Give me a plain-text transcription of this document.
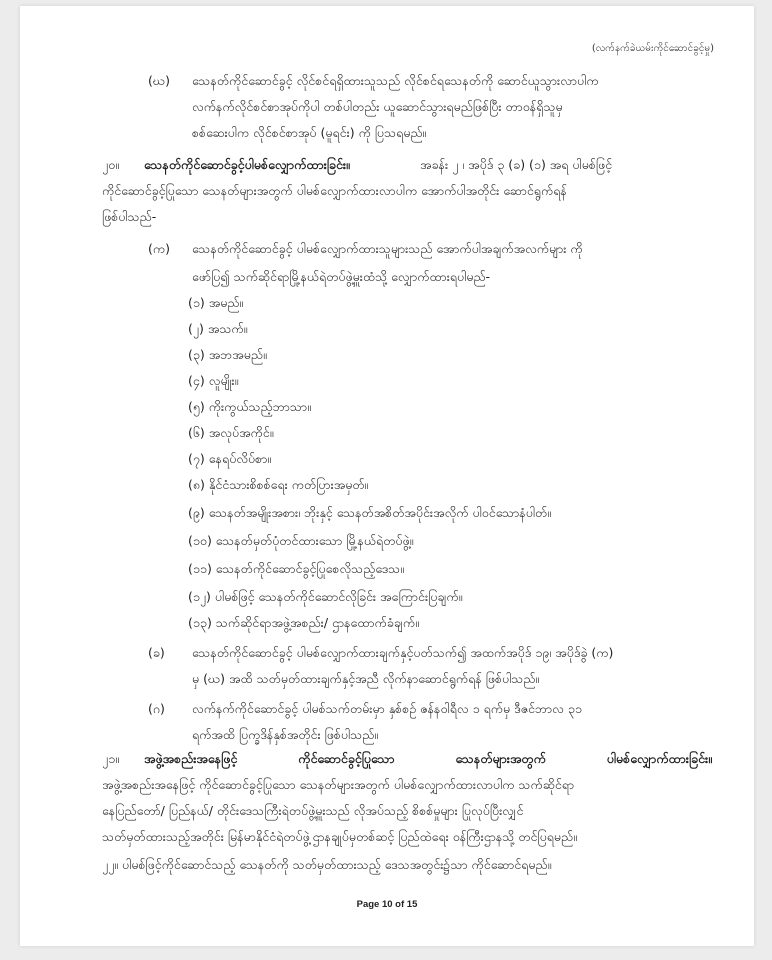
(လက်နက်ခဲယမ်းကိုင်ဆောင်ခွင့်မှု)
(ဃ) သေနတ်ကိုင်ဆောင်ခွင့် လိုင်စင်ရရှိထားသူသည် လိုင်စင်ရသေနတ်ကို ဆောင်ယူသွားလာပါက
လက်နက်လိုင်စင်စာအုပ်ကိုပါ တစ်ပါတည်း ယူဆောင်သွားရမည်ဖြစ်ပြီး တာဝန်ရှိသူမှ
စစ်ဆေးပါက လိုင်စင်စာအုပ် (မူရင်း) ကို ပြသရမည်။
၂၀။ သေနတ်ကိုင်ဆောင်ခွင့်ပါမစ်လျှောက်ထားခြင်း။	အခန်း ၂ ၊ အပိုဒ် ၃ (ခ) (၁) အရ ပါမစ်ဖြင့်
ကိုင်ဆောင်ခွင့်ပြုသော သေနတ်များအတွက် ပါမစ်လျှောက်ထားလာပါက အောက်ပါအတိုင်း ဆောင်ရွက်ရန်
ဖြစ်ပါသည်-
(က) သေနတ်ကိုင်ဆောင်ခွင့် ပါမစ်လျှောက်ထားသူများသည် အောက်ပါအချက်အလက်များ ကို
ဖော်ပြ၍ သက်ဆိုင်ရာမြို့နယ်ရဲတပ်ဖွဲ့မှူးထံသို့ လျှောက်ထားရပါမည်-
(၁) အမည်။
(၂) အသက်။
(၃) အဘအမည်။
(၄) လူမျိုး။
(၅) ကိုးကွယ်သည့်ဘာသာ။
(၆) အလုပ်အကိုင်။
(၇) နေရပ်လိပ်စာ။
(၈) နိုင်ငံသားစိစစ်ရေး ကတ်ပြားအမှတ်။
(၉) သေနတ်အမျိုးအစား၊ ဘိုးနှင့် သေနတ်အစိတ်အပိုင်းအလိုက် ပါဝင်သောနံပါတ်။
(၁၀) သေနတ်မှတ်ပုံတင်ထားသော မြို့နယ်ရဲတပ်ဖွဲ့။
(၁၁) သေနတ်ကိုင်ဆောင်ခွင့်ပြုစေလိုသည့်ဒေသ။
(၁၂) ပါမစ်ဖြင့် သေနတ်ကိုင်ဆောင်လိုခြင်း အကြောင်းပြချက်။
(၁၃) သက်ဆိုင်ရာအဖွဲ့အစည်း/ ဌာနထောက်ခံချက်။
(ခ) သေနတ်ကိုင်ဆောင်ခွင့် ပါမစ်လျှောက်ထားချက်နှင့်ပတ်သက်၍ အထက်အပိုဒ် ၁၉၊ အပိုဒ်ခွဲ (က)
မှ (ဃ) အထိ သတ်မှတ်ထားချက်နှင့်အညီ လိုက်နာဆောင်ရွက်ရန် ဖြစ်ပါသည်။
(ဂ) လက်နက်ကိုင်ဆောင်ခွင့် ပါမစ်သက်တမ်းမှာ နှစ်စဉ် ဇန်နဝါရီလ ၁ ရက်မှ ဒီဇင်ဘာလ ၃၁
ရက်အထိ ပြက္ခဒိန်နှစ်အတိုင်း ဖြစ်ပါသည်။
၂၁။ အဖွဲ့အစည်းအနေဖြင့်	ကိုင်ဆောင်ခွင့်ပြုသော	သေနတ်များအတွက်	ပါမစ်လျှောက်ထားခြင်း။
အဖွဲ့အစည်းအနေဖြင့် ကိုင်ဆောင်ခွင့်ပြုသော သေနတ်များအတွက် ပါမစ်လျှောက်ထားလာပါက သက်ဆိုင်ရာ
နေပြည်တော်/ ပြည်နယ်/ တိုင်းဒေသကြီးရဲတပ်ဖွဲ့မှူးသည် လိုအပ်သည့် စိစစ်မှုများ ပြုလုပ်ပြီးလျှင်
သတ်မှတ်ထားသည့်အတိုင်း မြန်မာနိုင်ငံရဲတပ်ဖွဲ့ဌာနချုပ်မှတစ်ဆင့် ပြည်ထဲရေး ဝန်ကြီးဌာနသို့ တင်ပြရမည်။
၂၂။ ပါမစ်ဖြင့်ကိုင်ဆောင်သည့် သေနတ်ကို သတ်မှတ်ထားသည့် ဒေသအတွင်း၌သာ ကိုင်ဆောင်ရမည်။
Page 10 of 15
